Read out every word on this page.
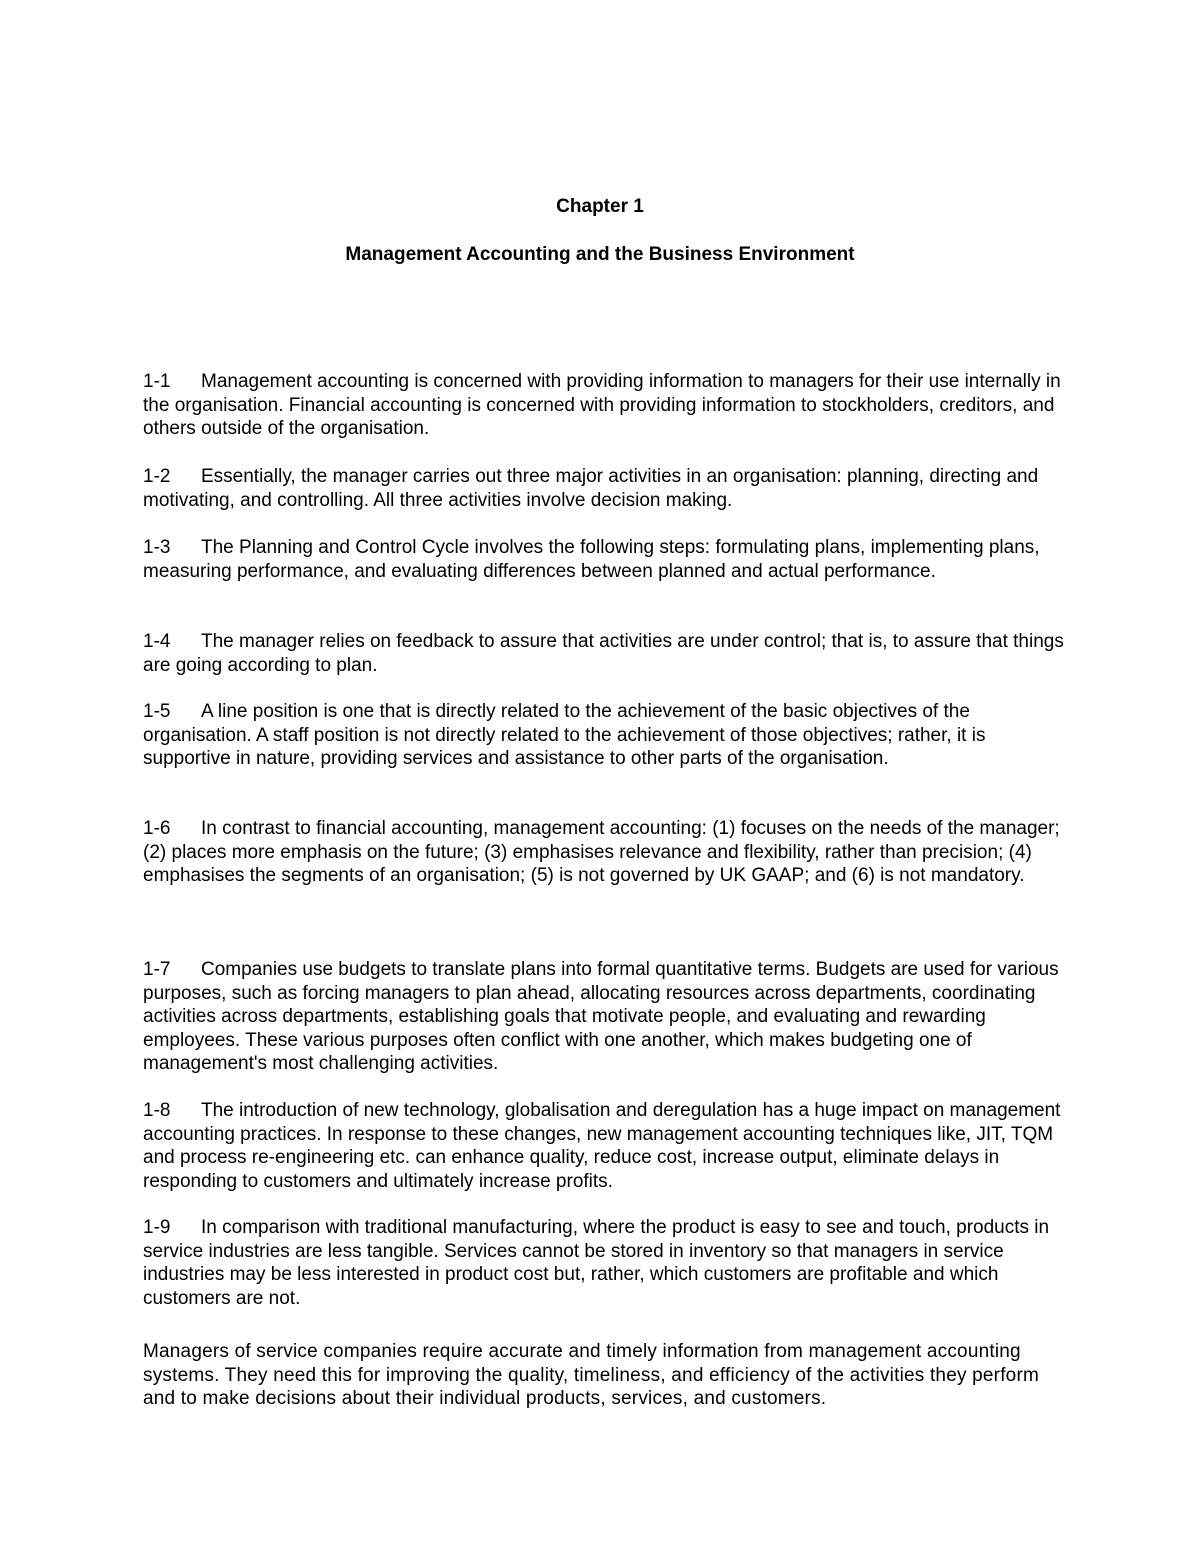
Chapter 1
Management Accounting and the Business Environment

1-1 Management accounting is concerned with providing information to managers for their use internally in the organisation. Financial accounting is concerned with providing information to stockholders, creditors, and others outside of the organisation.

1-2 Essentially, the manager carries out three major activities in an organisation: planning, directing and motivating, and controlling. All three activities involve decision making.

1-3 The Planning and Control Cycle involves the following steps: formulating plans, implementing plans, measuring performance, and evaluating differences between planned and actual performance.

1-4 The manager relies on feedback to assure that activities are under control; that is, to assure that things are going according to plan.

1-5 A line position is one that is directly related to the achievement of the basic objectives of the organisation. A staff position is not directly related to the achievement of those objectives; rather, it is supportive in nature, providing services and assistance to other parts of the organisation.

1-6 In contrast to financial accounting, management accounting: (1) focuses on the needs of the manager; (2) places more emphasis on the future; (3) emphasises relevance and flexibility, rather than precision; (4) emphasises the segments of an organisation; (5) is not governed by UK GAAP; and (6) is not mandatory.

1-7 Companies use budgets to translate plans into formal quantitative terms. Budgets are used for various purposes, such as forcing managers to plan ahead, allocating resources across departments, coordinating activities across departments, establishing goals that motivate people, and evaluating and rewarding employees. These various purposes often conflict with one another, which makes budgeting one of management's most challenging activities.

1-8 The introduction of new technology, globalisation and deregulation has a huge impact on management accounting practices. In response to these changes, new management accounting techniques like, JIT, TQM and process re-engineering etc. can enhance quality, reduce cost, increase output, eliminate delays in responding to customers and ultimately increase profits.

1-9 In comparison with traditional manufacturing, where the product is easy to see and touch, products in service industries are less tangible. Services cannot be stored in inventory so that managers in service industries may be less interested in product cost but, rather, which customers are profitable and which customers are not.

Managers of service companies require accurate and timely information from management accounting systems. They need this for improving the quality, timeliness, and efficiency of the activities they perform and to make decisions about their individual products, services, and customers.
